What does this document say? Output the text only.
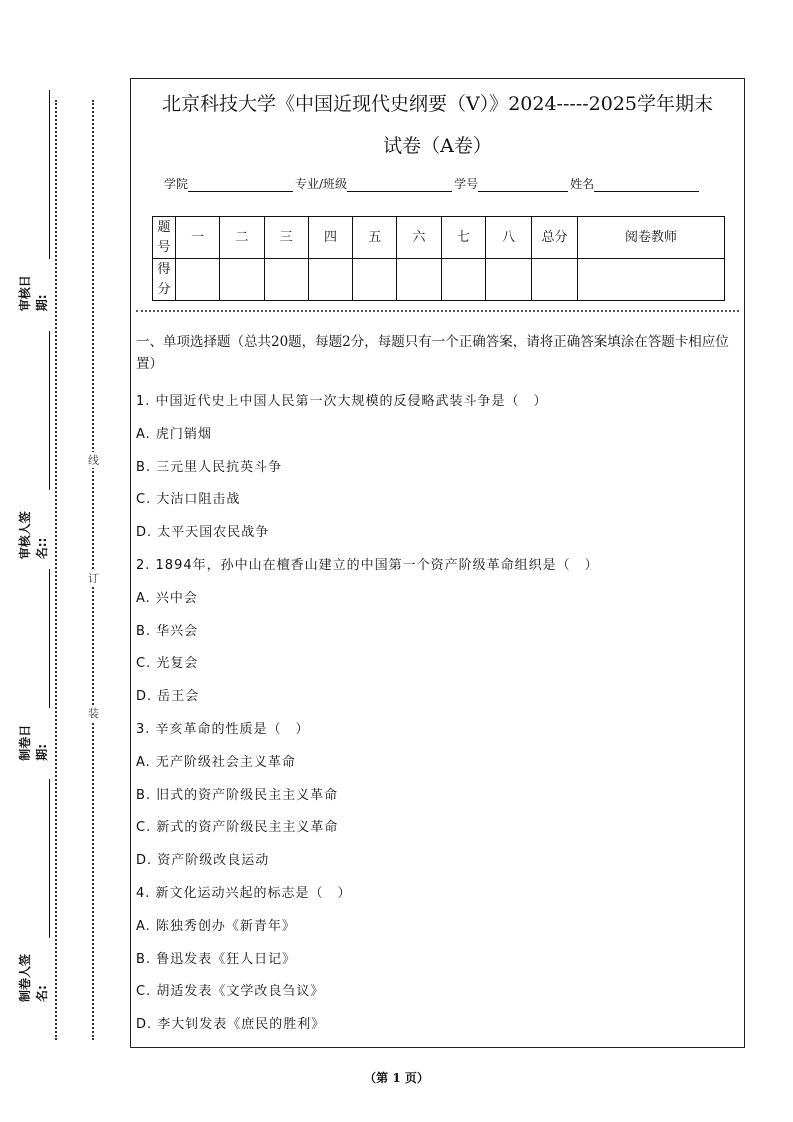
线
订
装
制卷人签名:
制卷日期:
审核人签名::
审核日期:
北京科技大学《中国近现代史纲要（V）》2024-----2025学年期末
试卷（A卷）
学院	专业/班级	学号	姓名
题号	一	二	三	四	五	六	七	八	总分	阅卷教师
得分										
一、单项选择题（总共20题，每题2分，每题只有一个正确答案，请将正确答案填涂在答题卡相应位置）
1. 中国近代史上中国人民第一次大规模的反侵略武装斗争是（　）
A. 虎门销烟
B. 三元里人民抗英斗争
C. 大沽口阻击战
D. 太平天国农民战争
2. 1894年，孙中山在檀香山建立的中国第一个资产阶级革命组织是（　）
A. 兴中会
B. 华兴会
C. 光复会
D. 岳王会
3. 辛亥革命的性质是（　）
A. 无产阶级社会主义革命
B. 旧式的资产阶级民主主义革命
C. 新式的资产阶级民主主义革命
D. 资产阶级改良运动
4. 新文化运动兴起的标志是（　）
A. 陈独秀创办《新青年》
B. 鲁迅发表《狂人日记》
C. 胡适发表《文学改良刍议》
D. 李大钊发表《庶民的胜利》
（第 1 页）
